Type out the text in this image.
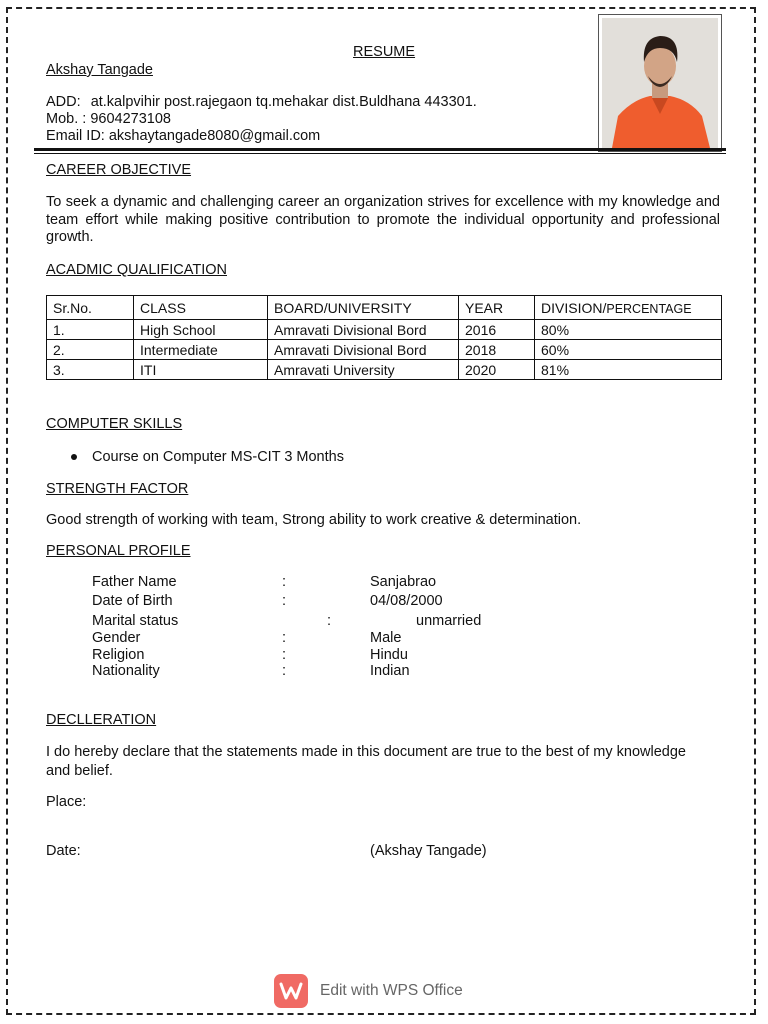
RESUME
Akshay Tangade
ADD: at.kalpvihir post.rajegaon tq.mehakar dist.Buldhana 443301.
Mob. : 9604273108
Email ID: akshaytangade8080@gmail.com
CAREER OBJECTIVE
To seek a dynamic and challenging career an organization strives for excellence with my knowledge and team effort while making positive contribution to promote the individual opportunity and professional growth.
ACADMIC QUALIFICATION
Sr.No.	CLASS	BOARD/UNIVERSITY	YEAR	DIVISION/PERCENTAGE
1.	High School	Amravati Divisional Bord	2016	80%
2.	Intermediate	Amravati Divisional Bord	2018	60%
3.	ITI	Amravati University	2020	81%
COMPUTER SKILLS
Course on Computer MS-CIT 3 Months
STRENGTH FACTOR
Good strength of working with team, Strong ability to work creative & determination.
PERSONAL PROFILE
Father Name	:	Sanjabrao
Date of Birth	:	04/08/2000
Marital status	:	unmarried
Gender	:	Male
Religion	:	Hindu
Nationality	:	Indian
DECLLERATION
I do hereby declare that the statements made in this document are true to the best of my knowledge and belief.
Place:
Date:	(Akshay Tangade)
Edit with WPS Office
